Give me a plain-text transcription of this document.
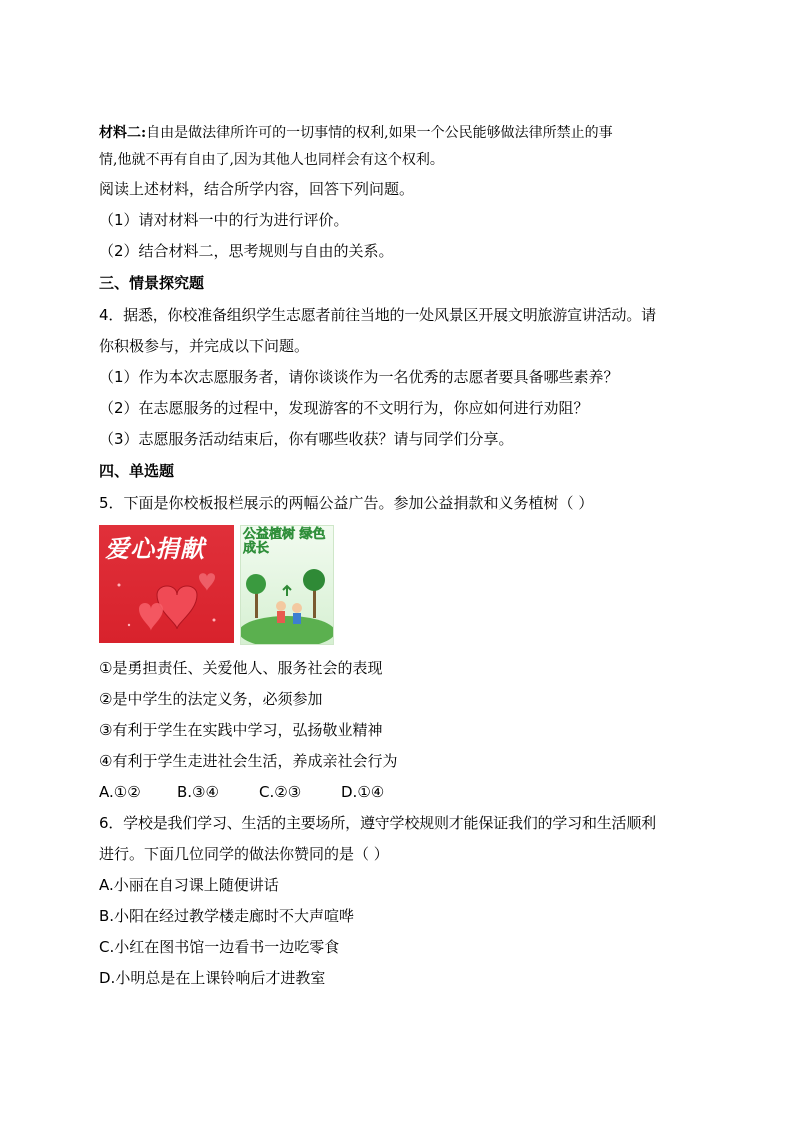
材料二:自由是做法律所许可的一切事情的权利,如果一个公民能够做法律所禁止的事
情,他就不再有自由了,因为其他人也同样会有这个权利。
阅读上述材料，结合所学内容，回答下列问题。
（1）请对材料一中的行为进行评价。
（2）结合材料二，思考规则与自由的关系。
三、情景探究题
4．据悉，你校准备组织学生志愿者前往当地的一处风景区开展文明旅游宣讲活动。请
你积极参与，并完成以下问题。
（1）作为本次志愿服务者，请你谈谈作为一名优秀的志愿者要具备哪些素养？
（2）在志愿服务的过程中，发现游客的不文明行为，你应如何进行劝阻？
（3）志愿服务活动结束后，你有哪些收获？请与同学们分享。
四、单选题
5．下面是你校板报栏展示的两幅公益广告。参加公益捐款和义务植树（ ）
爱心捐献
公益植树 绿色成长
①是勇担责任、关爱他人、服务社会的表现
②是中学生的法定义务，必须参加
③有利于学生在实践中学习，弘扬敬业精神
④有利于学生走进社会生活，养成亲社会行为
A.①②	B.③④	C.②③	D.①④
6．学校是我们学习、生活的主要场所，遵守学校规则才能保证我们的学习和生活顺利
进行。下面几位同学的做法你赞同的是（ ）
A.小丽在自习课上随便讲话
B.小阳在经过教学楼走廊时不大声喧哗
C.小红在图书馆一边看书一边吃零食
D.小明总是在上课铃响后才进教室
